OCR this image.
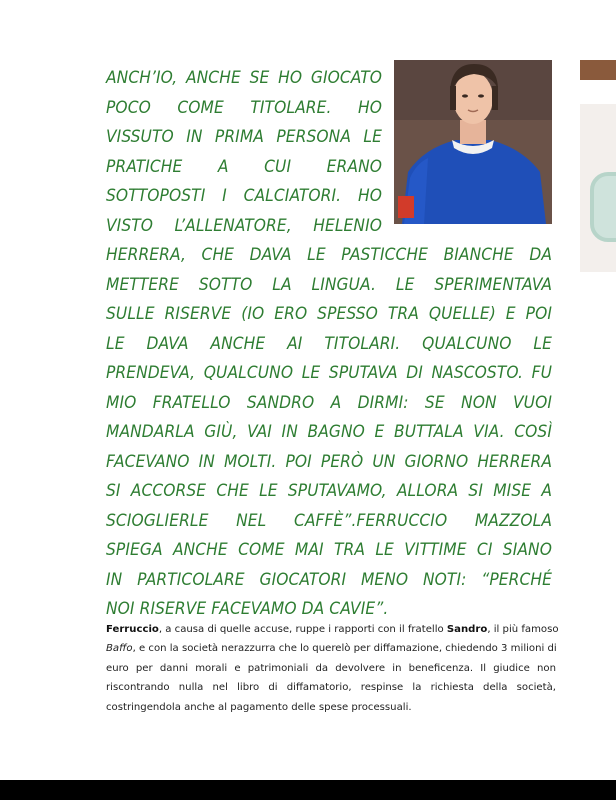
ANCH’IO, ANCHE SE HO GIOCATO
POCO COME TITOLARE. HO
VISSUTO IN PRIMA PERSONA LE
PRATICHE A CUI ERANO
SOTTOPOSTI I CALCIATORI. HO
VISTO L’ALLENATORE, HELENIO
HERRERA, CHE DAVA LE PASTICCHE BIANCHE DA
METTERE SOTTO LA LINGUA. LE SPERIMENTAVA
SULLE RISERVE (IO ERO SPESSO TRA QUELLE) E POI
LE DAVA ANCHE AI TITOLARI. QUALCUNO LE
PRENDEVA, QUALCUNO LE SPUTAVA DI NASCOSTO. FU
MIO FRATELLO SANDRO A DIRMI: SE NON VUOI
MANDARLA GIÙ, VAI IN BAGNO E BUTTALA VIA. COSÌ
FACEVANO IN MOLTI. POI PERÒ UN GIORNO HERRERA
SI ACCORSE CHE LE SPUTAVAMO, ALLORA SI MISE A
SCIOGLIERLE NEL CAFFÈ”.FERRUCCIO MAZZOLA
SPIEGA ANCHE COME MAI TRA LE VITTIME CI SIANO
IN PARTICOLARE GIOCATORI MENO NOTI: “PERCHÉ
NOI RISERVE FACEVAMO DA CAVIE”.
Ferruccio, a causa di quelle accuse, ruppe i rapporti con il fratello Sandro, il più famoso
Baffo, e con la società nerazzurra che lo querelò per diffamazione, chiedendo 3 milioni di
euro per danni morali e patrimoniali da devolvere in beneficenza. Il giudice non
riscontrando nulla nel libro di diffamatorio, respinse la richiesta della società,
costringendola anche al pagamento delle spese processuali.
